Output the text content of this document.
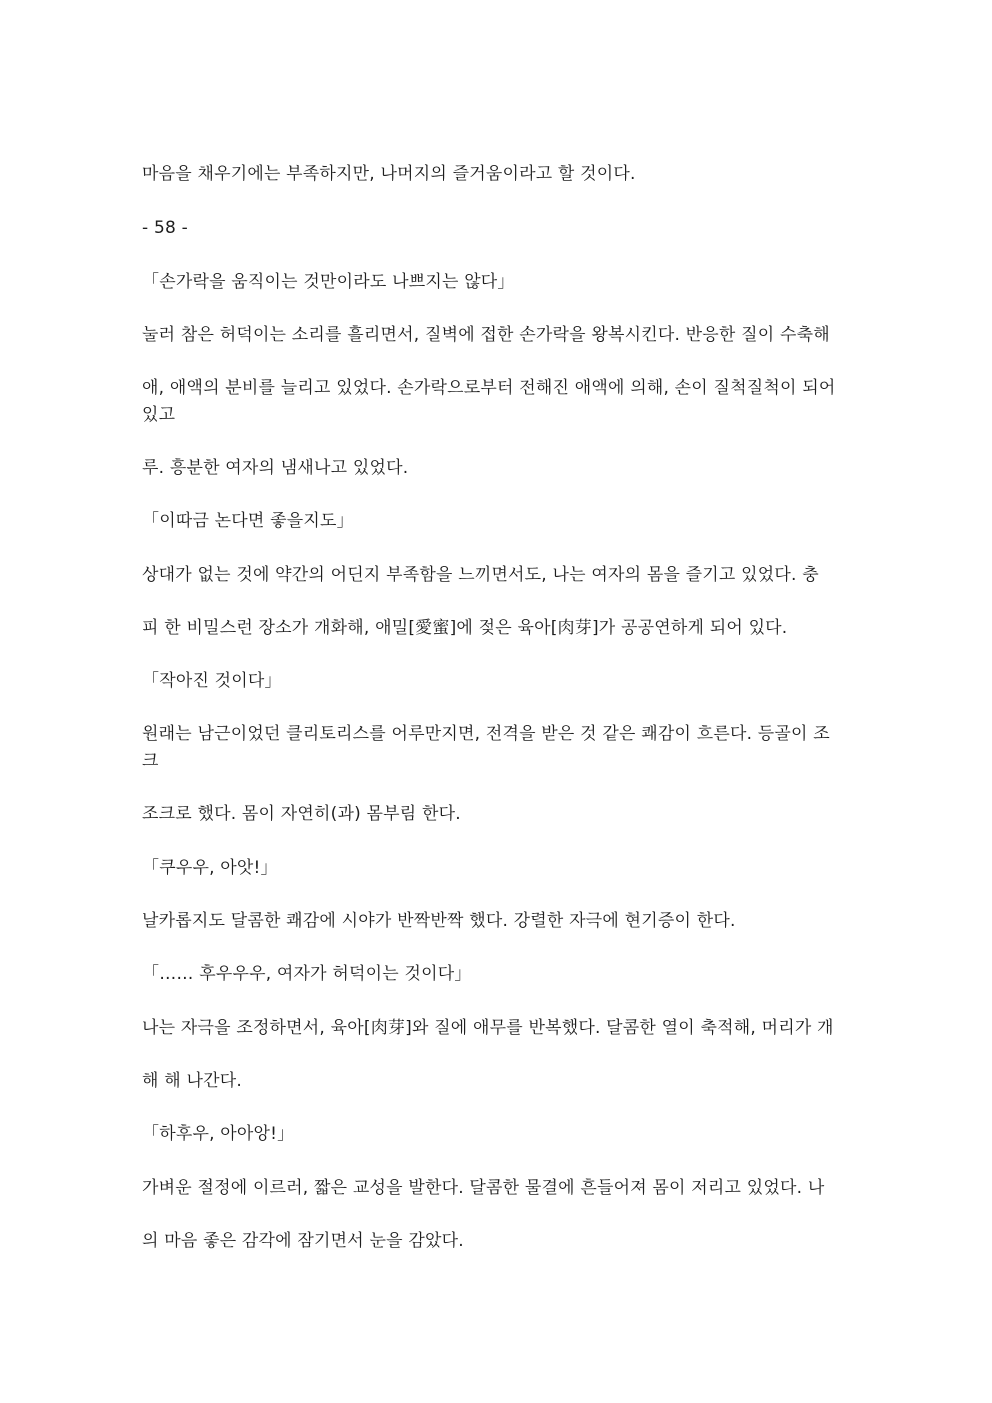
마음을 채우기에는 부족하지만, 나머지의 즐거움이라고 할 것이다.
- 58 -
「손가락을 움직이는 것만이라도 나쁘지는 않다」
눌러 참은 허덕이는 소리를 흘리면서, 질벽에 접한 손가락을 왕복시킨다. 반응한 질이 수축해
애, 애액의 분비를 늘리고 있었다. 손가락으로부터 전해진 애액에 의해, 손이 질척질척이 되어
있고
루. 흥분한 여자의 냄새나고 있었다.
「이따금 논다면 좋을지도」
상대가 없는 것에 약간의 어딘지 부족함을 느끼면서도, 나는 여자의 몸을 즐기고 있었다. 충
피 한 비밀스런 장소가 개화해, 애밀[愛蜜]에 젖은 육아[肉芽]가 공공연하게 되어 있다.
「작아진 것이다」
원래는 남근이었던 클리토리스를 어루만지면, 전격을 받은 것 같은 쾌감이 흐른다. 등골이 조
크
조크로 했다. 몸이 자연히(과) 몸부림 한다.
「쿠우우, 아앗!」
날카롭지도 달콤한 쾌감에 시야가 반짝반짝 했다. 강렬한 자극에 현기증이 한다.
「…… 후우우우, 여자가 허덕이는 것이다」
나는 자극을 조정하면서, 육아[肉芽]와 질에 애무를 반복했다. 달콤한 열이 축적해, 머리가 개
해 해 나간다.
「하후우, 아아앙!」
가벼운 절정에 이르러, 짧은 교성을 발한다. 달콤한 물결에 흔들어져 몸이 저리고 있었다. 나
의 마음 좋은 감각에 잠기면서 눈을 감았다.
